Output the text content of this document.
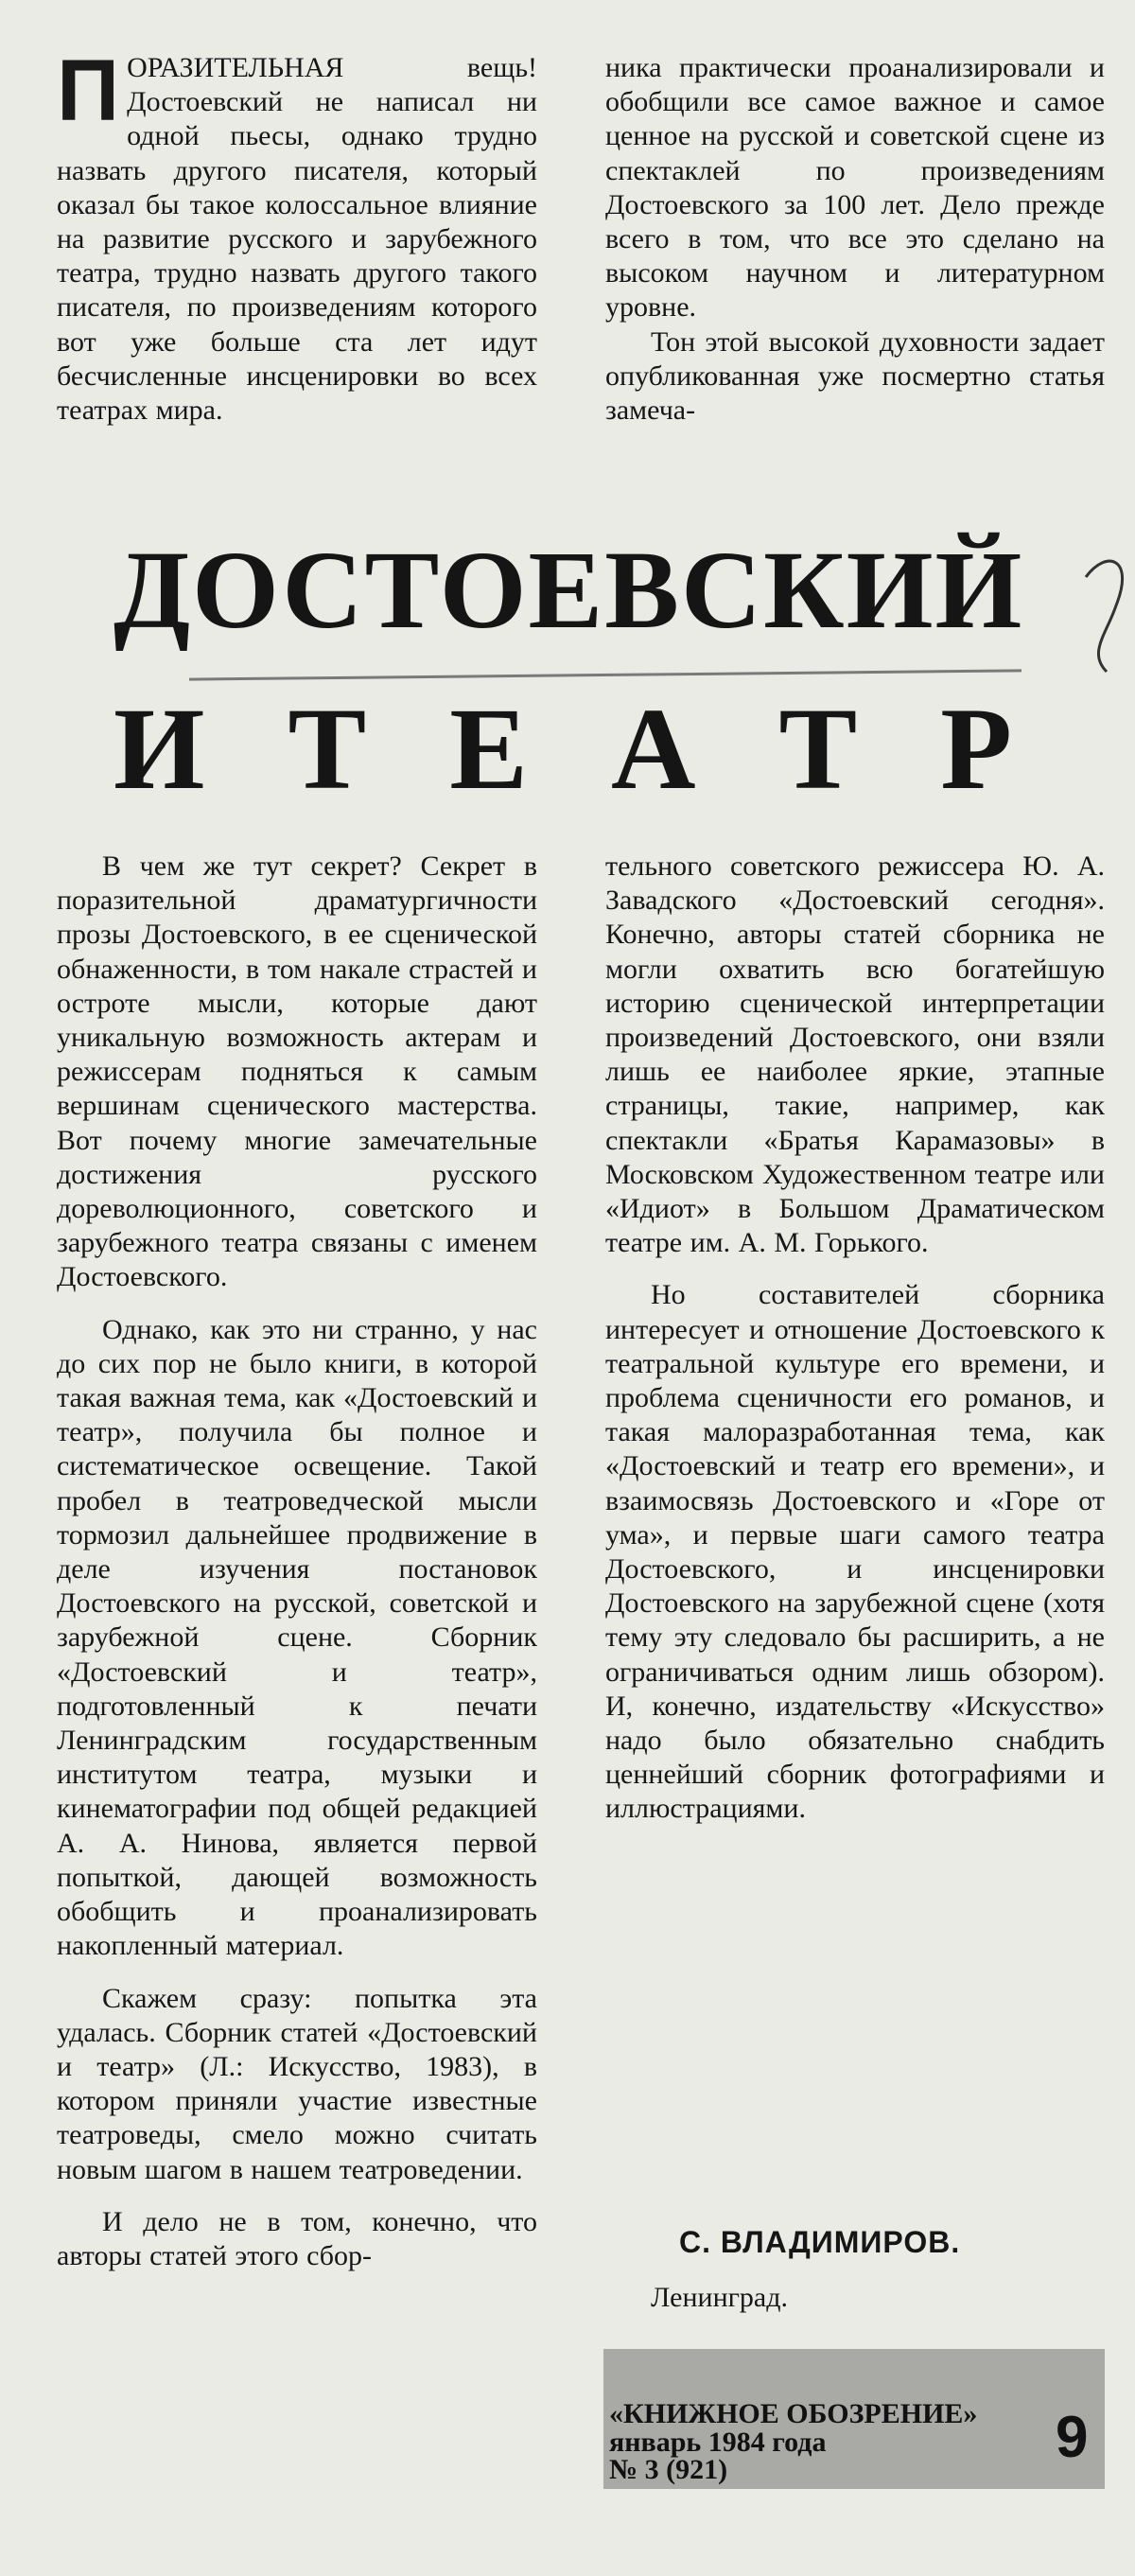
ПОРАЗИТЕЛЬНАЯ вещь! Достоевский не написал ни одной пьесы, однако трудно назвать другого писателя, который оказал бы такое колоссальное влияние на развитие русского и зарубежного театра, трудно назвать другого такого писателя, по произведениям которого вот уже больше ста лет идут бесчисленные инсценировки во всех театрах мира.

ника практически проанализировали и обобщили все самое важное и самое ценное на русской и советской сцене из спектаклей по произведениям Достоевского за 100 лет. Дело прежде всего в том, что все это сделано на высоком научном и литературном уровне.

Тон этой высокой духовности задает опубликованная уже посмертно статья замеча-

ДОСТОЕВСКИЙ
И Т Е А Т Р

В чем же тут секрет? Секрет в поразительной драматургичности прозы Достоевского, в ее сценической обнаженности, в том накале страстей и остроте мысли, которые дают уникальную возможность актерам и режиссерам подняться к самым вершинам сценического мастерства. Вот почему многие замечательные достижения русского дореволюционного, советского и зарубежного театра связаны с именем Достоевского.

Однако, как это ни странно, у нас до сих пор не было книги, в которой такая важная тема, как «Достоевский и театр», получила бы полное и систематическое освещение. Такой пробел в театроведческой мысли тормозил дальнейшее продвижение в деле изучения постановок Достоевского на русской, советской и зарубежной сцене. Сборник «Достоевский и театр», подготовленный к печати Ленинградским государственным институтом театра, музыки и кинематографии под общей редакцией А. А. Нинова, является первой попыткой, дающей возможность обобщить и проанализировать накопленный материал.

Скажем сразу: попытка эта удалась. Сборник статей «Достоевский и театр» (Л.: Искусство, 1983), в котором приняли участие известные театроведы, смело можно считать новым шагом в нашем театроведении.

И дело не в том, конечно, что авторы статей этого сбор-

тельного советского режиссера Ю. А. Завадского «Достоевский сегодня». Конечно, авторы статей сборника не могли охватить всю богатейшую историю сценической интерпретации произведений Достоевского, они взяли лишь ее наиболее яркие, этапные страницы, такие, например, как спектакли «Братья Карамазовы» в Московском Художественном театре или «Идиот» в Большом Драматическом театре им. А. М. Горького.

Но составителей сборника интересует и отношение Достоевского к театральной культуре его времени, и проблема сценичности его романов, и такая малоразработанная тема, как «Достоевский и театр его времени», и взаимосвязь Достоевского и «Горе от ума», и первые шаги самого театра Достоевского, и инсценировки Достоевского на зарубежной сцене (хотя тему эту следовало бы расширить, а не ограничиваться одним лишь обзором). И, конечно, издательству «Искусство» надо было обязательно снабдить ценнейший сборник фотографиями и иллюстрациями.

С. ВЛАДИМИРОВ.
Ленинград.
«КНИЖНОЕ ОБОЗРЕНИЕ»
январь 1984 года
№ 3 (921)	9
